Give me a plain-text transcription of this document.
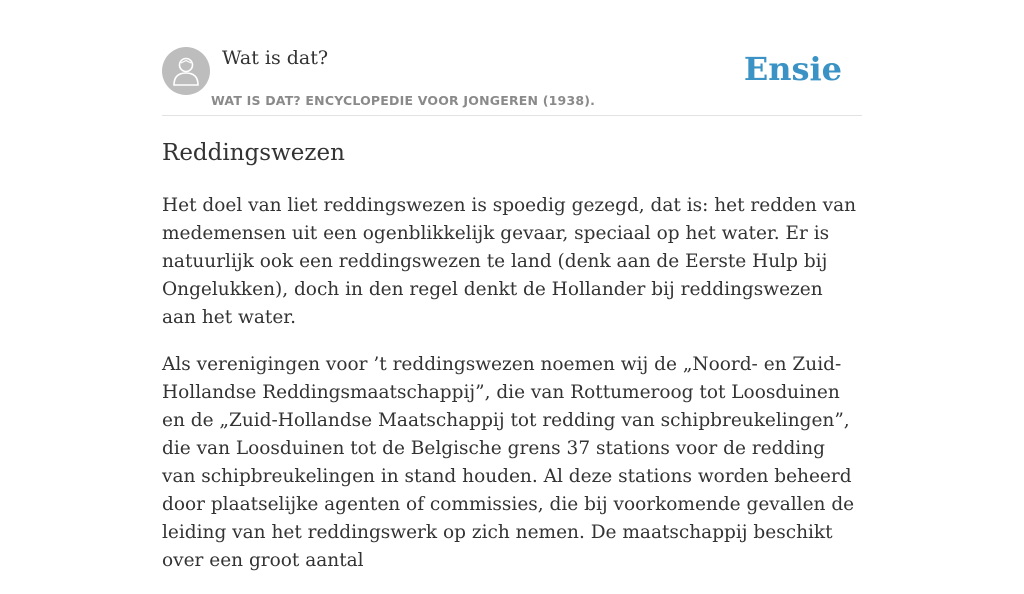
Wat is dat?
WAT IS DAT? ENCYCLOPEDIE VOOR JONGEREN (1938).
Ensie
Reddingswezen

Het doel van liet reddingswezen is spoedig gezegd, dat is: het redden van medemensen uit een ogenblikkelijk gevaar, speciaal op het water. Er is natuurlijk ook een reddingswezen te land (denk aan de Eerste Hulp bij Ongelukken), doch in den regel denkt de Hollander bij reddingswezen aan het water.

Als verenigingen voor ’t reddingswezen noemen wij de „Noord- en Zuid-Hollandse Reddingsmaatschappij”, die van Rottumeroog tot Loosduinen en de „Zuid-Hollandse Maatschappij tot redding van schipbreukelingen”, die van Loosduinen tot de Belgische grens 37 stations voor de redding van schipbreukelingen in stand houden. Al deze stations worden beheerd door plaatselijke agenten of commissies, die bij voorkomende gevallen de leiding van het reddingswerk op zich nemen. De maatschappij beschikt over een groot aantal
